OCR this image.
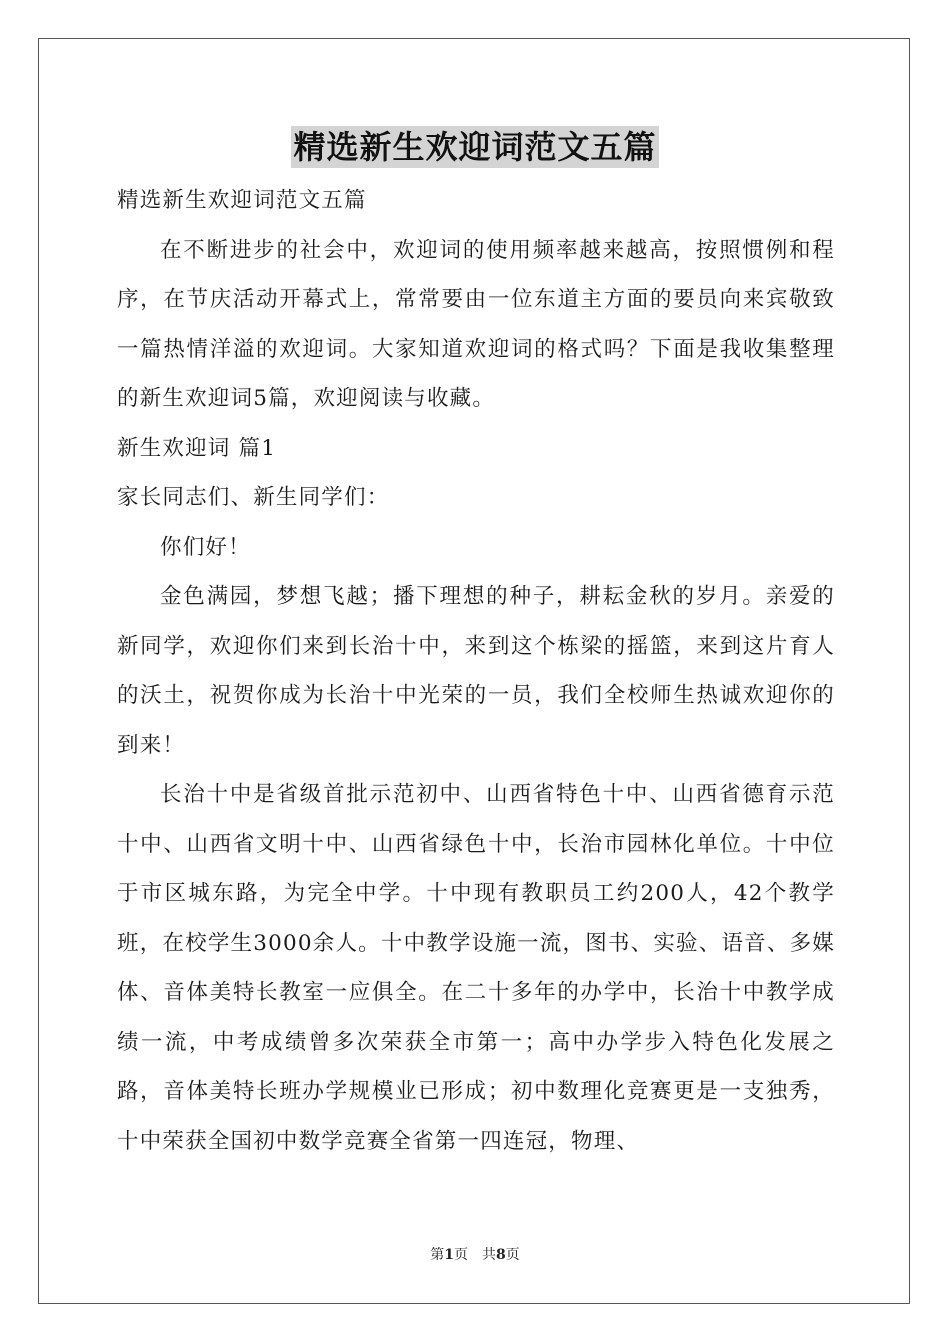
精选新生欢迎词范文五篇

精选新生欢迎词范文五篇

在不断进步的社会中，欢迎词的使用频率越来越高，按照惯例和程序，在节庆活动开幕式上，常常要由一位东道主方面的要员向来宾敬致一篇热情洋溢的欢迎词。大家知道欢迎词的格式吗？下面是我收集整理的新生欢迎词5篇，欢迎阅读与收藏。

新生欢迎词 篇1

家长同志们、新生同学们：

你们好！

金色满园，梦想飞越；播下理想的种子，耕耘金秋的岁月。亲爱的新同学，欢迎你们来到长治十中，来到这个栋梁的摇篮，来到这片育人的沃土，祝贺你成为长治十中光荣的一员，我们全校师生热诚欢迎你的到来！

长治十中是省级首批示范初中、山西省特色十中、山西省德育示范十中、山西省文明十中、山西省绿色十中，长治市园林化单位。十中位于市区城东路，为完全中学。十中现有教职员工约200人，42个教学班，在校学生3000余人。十中教学设施一流，图书、实验、语音、多媒体、音体美特长教室一应俱全。在二十多年的办学中，长治十中教学成绩一流，中考成绩曾多次荣获全市第一；高中办学步入特色化发展之路，音体美特长班办学规模业已形成；初中数理化竞赛更是一支独秀，十中荣获全国初中数学竞赛全省第一四连冠，物理、

第1页 共8页
